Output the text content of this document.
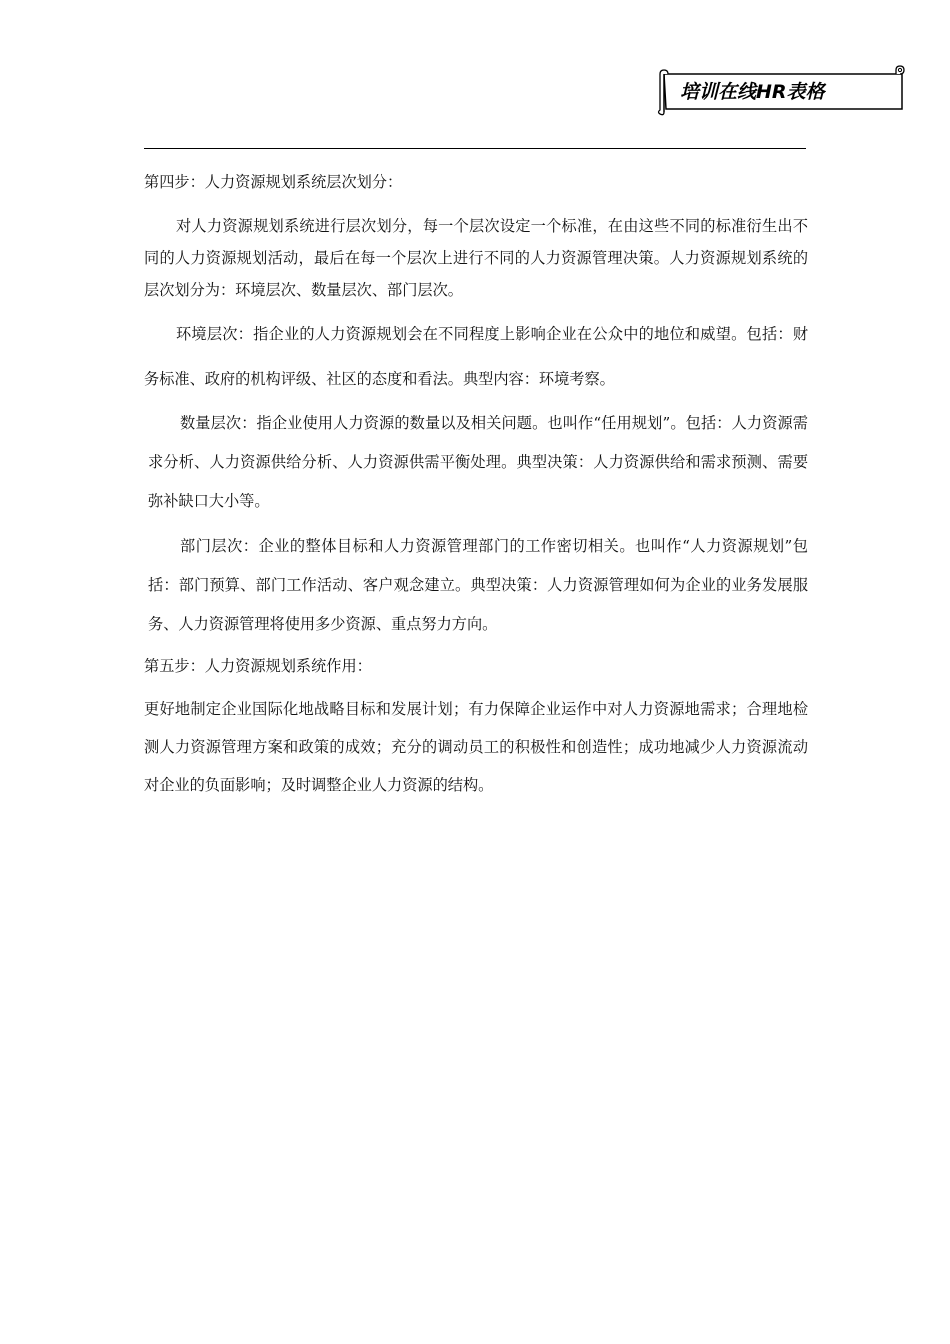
培训在线HR表格

第四步：人力资源规划系统层次划分：

对人力资源规划系统进行层次划分，每一个层次设定一个标准，在由这些不同的标准衍生出不同的人力资源规划活动，最后在每一个层次上进行不同的人力资源管理决策。人力资源规划系统的层次划分为：环境层次、数量层次、部门层次。

环境层次：指企业的人力资源规划会在不同程度上影响企业在公众中的地位和威望。包括：财务标准、政府的机构评级、社区的态度和看法。典型内容：环境考察。

数量层次：指企业使用人力资源的数量以及相关问题。也叫作“任用规划”。包括：人力资源需求分析、人力资源供给分析、人力资源供需平衡处理。典型决策：人力资源供给和需求预测、需要弥补缺口大小等。

部门层次：企业的整体目标和人力资源管理部门的工作密切相关。也叫作“人力资源规划”包括：部门预算、部门工作活动、客户观念建立。典型决策：人力资源管理如何为企业的业务发展服务、人力资源管理将使用多少资源、重点努力方向。

第五步：人力资源规划系统作用：

更好地制定企业国际化地战略目标和发展计划；有力保障企业运作中对人力资源地需求；合理地检测人力资源管理方案和政策的成效；充分的调动员工的积极性和创造性；成功地减少人力资源流动对企业的负面影响；及时调整企业人力资源的结构。
